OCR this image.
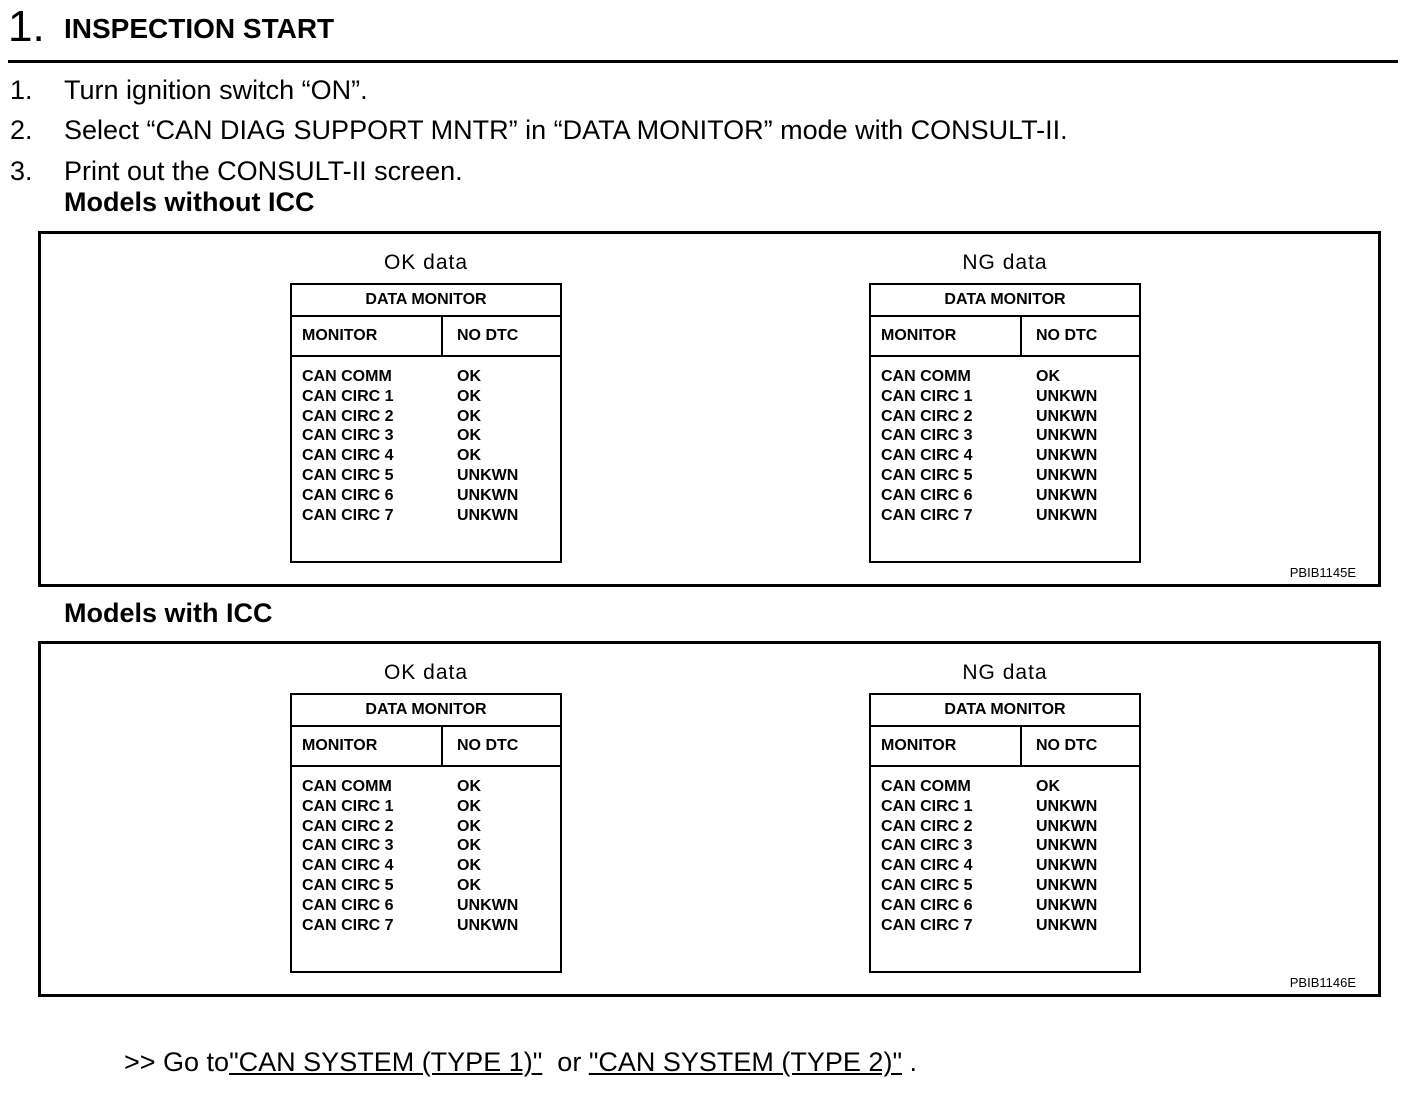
1. INSPECTION START
1.	Turn ignition switch “ON”.
2.	Select “CAN DIAG SUPPORT MNTR” in “DATA MONITOR” mode with CONSULT-II.
3.	Print out the CONSULT-II screen.
Models without ICC
OK data
DATA MONITOR
MONITOR	NO DTC
CAN COMM	OK
CAN CIRC 1	OK
CAN CIRC 2	OK
CAN CIRC 3	OK
CAN CIRC 4	OK
CAN CIRC 5	UNKWN
CAN CIRC 6	UNKWN
CAN CIRC 7	UNKWN
NG data
DATA MONITOR
MONITOR	NO DTC
CAN COMM	OK
CAN CIRC 1	UNKWN
CAN CIRC 2	UNKWN
CAN CIRC 3	UNKWN
CAN CIRC 4	UNKWN
CAN CIRC 5	UNKWN
CAN CIRC 6	UNKWN
CAN CIRC 7	UNKWN
PBIB1145E
Models with ICC
OK data
DATA MONITOR
MONITOR	NO DTC
CAN COMM	OK
CAN CIRC 1	OK
CAN CIRC 2	OK
CAN CIRC 3	OK
CAN CIRC 4	OK
CAN CIRC 5	OK
CAN CIRC 6	UNKWN
CAN CIRC 7	UNKWN
NG data
DATA MONITOR
MONITOR	NO DTC
CAN COMM	OK
CAN CIRC 1	UNKWN
CAN CIRC 2	UNKWN
CAN CIRC 3	UNKWN
CAN CIRC 4	UNKWN
CAN CIRC 5	UNKWN
CAN CIRC 6	UNKWN
CAN CIRC 7	UNKWN
PBIB1146E
>> Go to"CAN SYSTEM (TYPE 1)"  or "CAN SYSTEM (TYPE 2)" .
